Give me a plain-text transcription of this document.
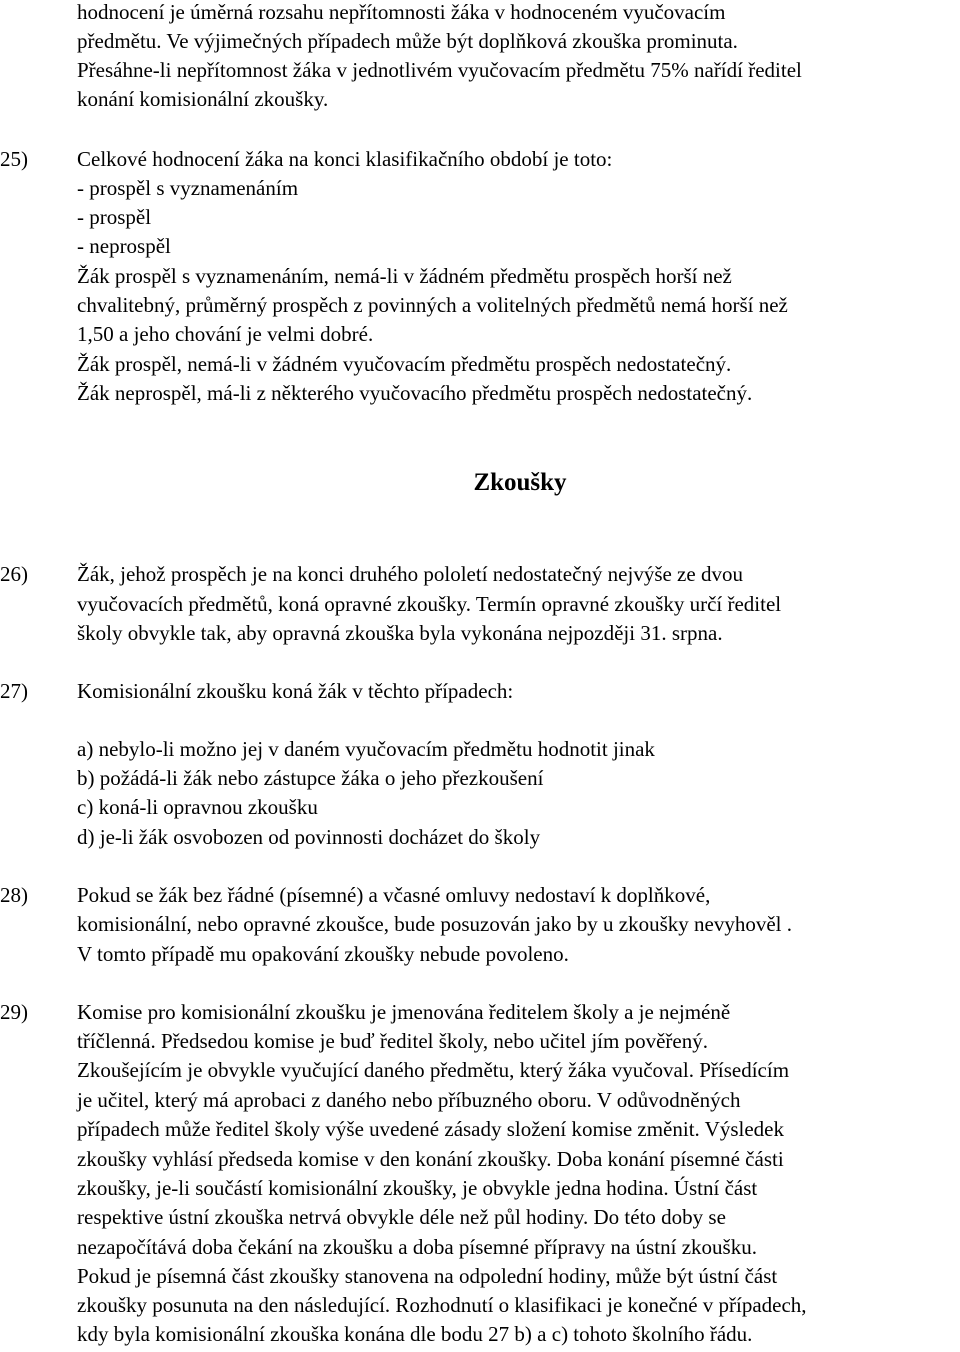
hodnocení je úměrná rozsahu nepřítomnosti žáka v hodnoceném vyučovacím
předmětu. Ve výjimečných případech může být doplňková zkouška prominuta.
Přesáhne-li nepřítomnost žáka v jednotlivém vyučovacím předmětu 75% nařídí ředitel
konání komisionální zkoušky.
25) Celkové hodnocení žáka na konci klasifikačního období je toto:
- prospěl s vyznamenáním
- prospěl
- neprospěl
Žák prospěl s vyznamenáním, nemá-li v žádném předmětu prospěch horší než
chvalitebný, průměrný prospěch z povinných a volitelných předmětů nemá horší než
1,50 a jeho chování je velmi dobré.
Žák prospěl, nemá-li v žádném vyučovacím předmětu prospěch nedostatečný.
Žák neprospěl, má-li z některého vyučovacího předmětu prospěch nedostatečný.
Zkoušky
26) Žák, jehož prospěch je na konci druhého pololetí nedostatečný nejvýše ze dvou
vyučovacích předmětů, koná opravné zkoušky. Termín opravné zkoušky určí ředitel
školy obvykle tak, aby opravná zkouška byla vykonána nejpozději 31. srpna.
27) Komisionální zkoušku koná žák v těchto případech:
a) nebylo-li možno jej v daném vyučovacím předmětu hodnotit jinak
b) požádá-li žák nebo zástupce žáka o jeho přezkoušení
c) koná-li opravnou zkoušku
d) je-li žák osvobozen od povinnosti docházet do školy
28) Pokud se žák bez řádné (písemné) a včasné omluvy nedostaví k doplňkové,
komisionální, nebo opravné zkoušce, bude posuzován jako by u zkoušky nevyhověl .
V tomto případě mu opakování zkoušky nebude povoleno.
29) Komise pro komisionální zkoušku je jmenována ředitelem školy a je nejméně
tříčlenná. Předsedou komise je buď ředitel školy, nebo učitel jím pověřený.
Zkoušejícím je obvykle vyučující daného předmětu, který žáka vyučoval. Přísedícím
je učitel, který má aprobaci z daného nebo příbuzného oboru. V odůvodněných
případech může ředitel školy výše uvedené zásady složení komise změnit. Výsledek
zkoušky vyhlásí předseda komise v den konání zkoušky. Doba konání písemné části
zkoušky, je-li součástí komisionální zkoušky, je obvykle jedna hodina. Ústní část
respektive ústní zkouška netrvá obvykle déle než půl hodiny. Do této doby se
nezapočítává doba čekání na zkoušku a doba písemné přípravy na ústní zkoušku.
Pokud je písemná část zkoušky stanovena na odpolední hodiny, může být ústní část
zkoušky posunuta na den následující. Rozhodnutí o klasifikaci je konečné v případech,
kdy byla komisionální zkouška konána dle bodu 27 b) a c) tohoto školního řádu.
